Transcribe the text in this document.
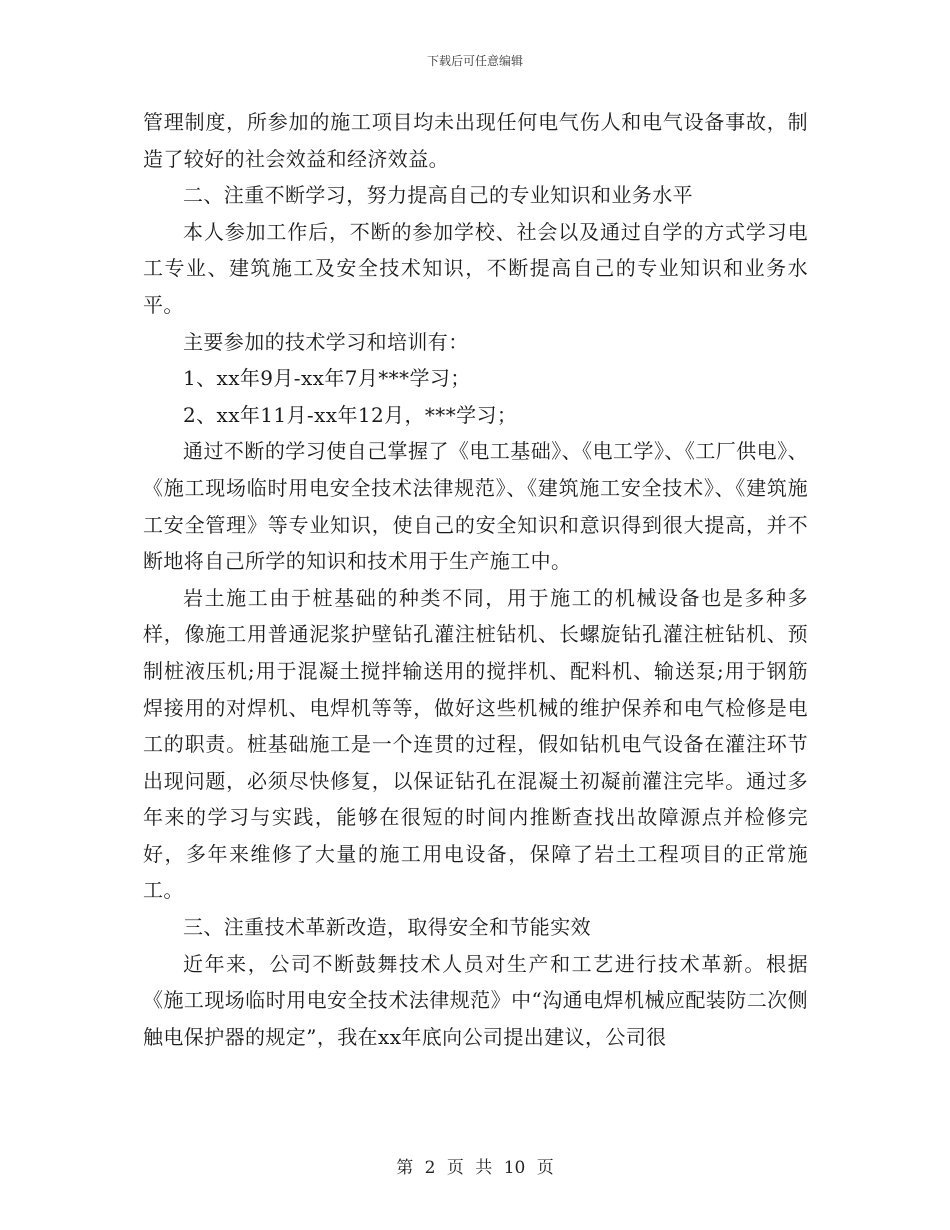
下载后可任意编辑

管理制度，所参加的施工项目均未出现任何电气伤人和电气设备事故，制造了较好的社会效益和经济效益。

二、注重不断学习，努力提高自己的专业知识和业务水平

本人参加工作后，不断的参加学校、社会以及通过自学的方式学习电工专业、建筑施工及安全技术知识，不断提高自己的专业知识和业务水平。

主要参加的技术学习和培训有：

1、xx年9月-xx年7月***学习；

2、xx年11月-xx年12月，***学习；

通过不断的学习使自己掌握了《电工基础》、《电工学》、《工厂供电》、《施工现场临时用电安全技术法律规范》、《建筑施工安全技术》、《建筑施工安全管理》等专业知识，使自己的安全知识和意识得到很大提高，并不断地将自己所学的知识和技术用于生产施工中。

岩土施工由于桩基础的种类不同，用于施工的机械设备也是多种多样，像施工用普通泥浆护壁钻孔灌注桩钻机、长螺旋钻孔灌注桩钻机、预制桩液压机;用于混凝土搅拌输送用的搅拌机、配料机、输送泵;用于钢筋焊接用的对焊机、电焊机等等，做好这些机械的维护保养和电气检修是电工的职责。桩基础施工是一个连贯的过程，假如钻机电气设备在灌注环节出现问题，必须尽快修复，以保证钻孔在混凝土初凝前灌注完毕。通过多年来的学习与实践，能够在很短的时间内推断查找出故障源点并检修完好，多年来维修了大量的施工用电设备，保障了岩土工程项目的正常施工。

三、注重技术革新改造，取得安全和节能实效

近年来，公司不断鼓舞技术人员对生产和工艺进行技术革新。根据《施工现场临时用电安全技术法律规范》中“沟通电焊机械应配装防二次侧触电保护器的规定”，我在xx年底向公司提出建议，公司很

第 2 页 共 10 页
